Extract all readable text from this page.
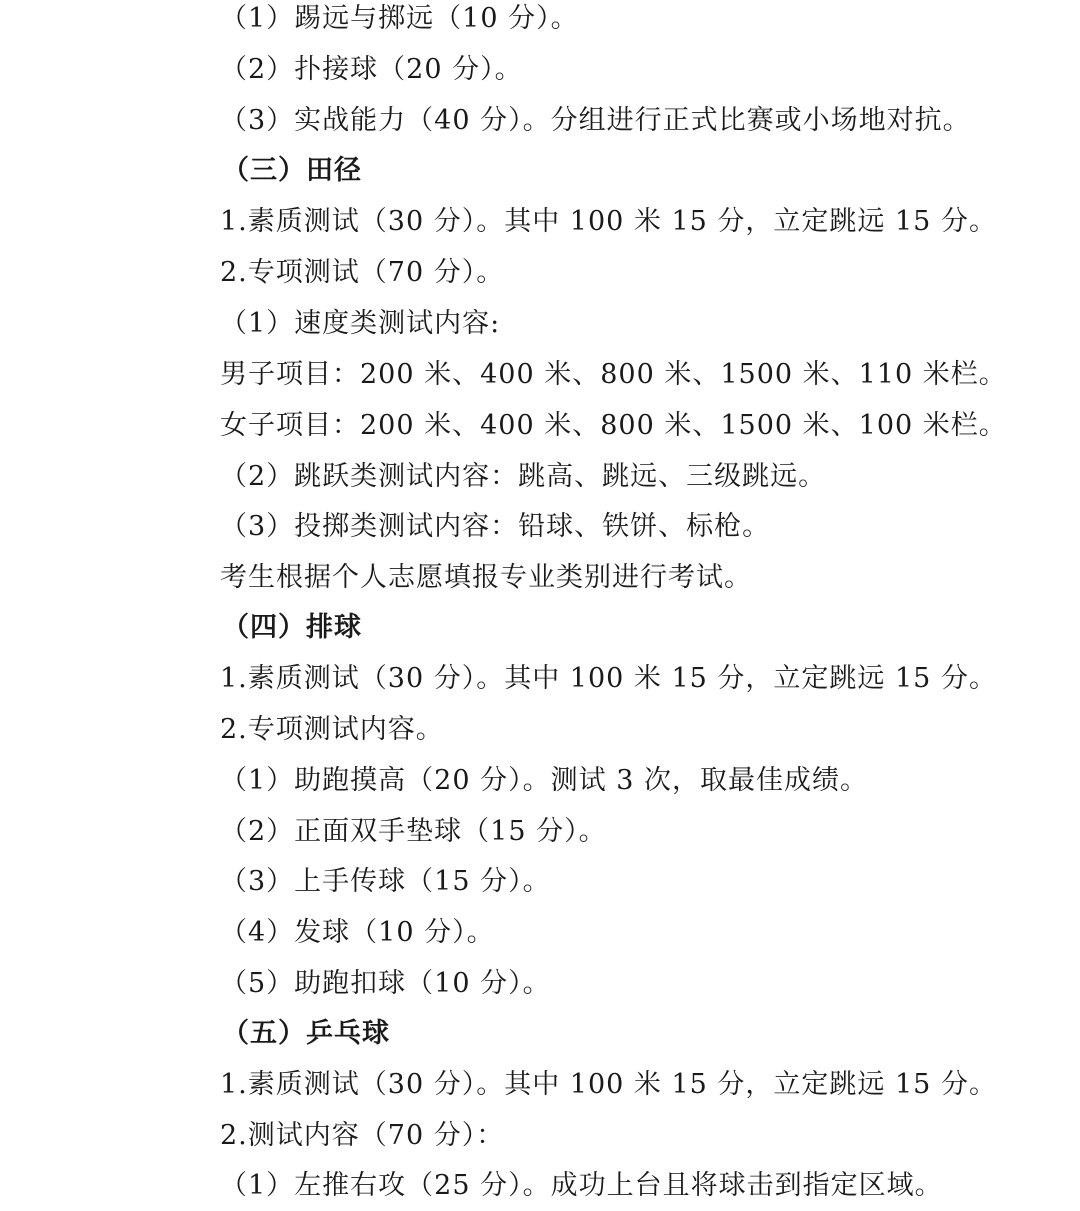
（1）踢远与掷远（10 分）。
（2）扑接球（20 分）。
（3）实战能力（40 分）。分组进行正式比赛或小场地对抗。
（三）田径
1.素质测试（30 分）。其中 100 米 15 分，立定跳远 15 分。
2.专项测试（70 分）。
（1）速度类测试内容:
男子项目：200 米、400 米、800 米、1500 米、110 米栏。
女子项目：200 米、400 米、800 米、1500 米、100 米栏。
（2）跳跃类测试内容：跳高、跳远、三级跳远。
（3）投掷类测试内容：铅球、铁饼、标枪。
考生根据个人志愿填报专业类别进行考试。
（四）排球
1.素质测试（30 分）。其中 100 米 15 分，立定跳远 15 分。
2.专项测试内容。
（1）助跑摸高（20 分）。测试 3 次，取最佳成绩。
（2）正面双手垫球（15 分）。
（3）上手传球（15 分）。
（4）发球（10 分）。
（5）助跑扣球（10 分）。
（五）乒乓球
1.素质测试（30 分）。其中 100 米 15 分，立定跳远 15 分。
2.测试内容（70 分）：
（1）左推右攻（25 分）。成功上台且将球击到指定区域。
